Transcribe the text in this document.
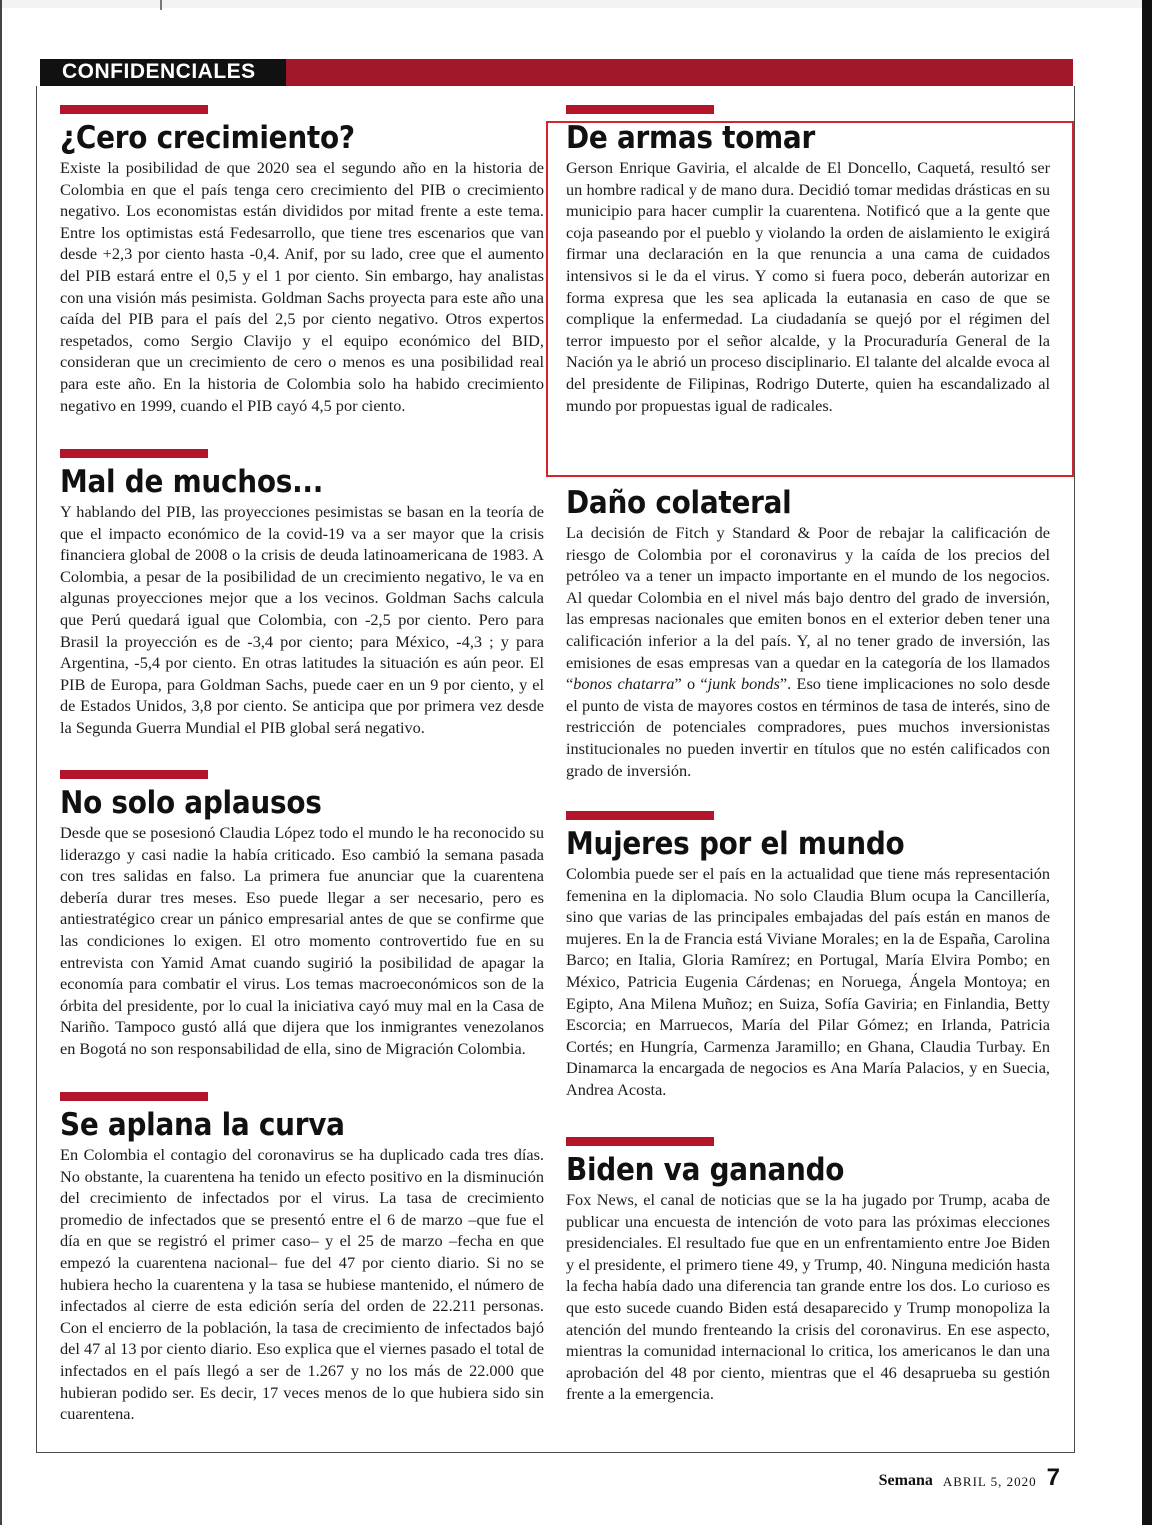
CONFIDENCIALES
¿Cero crecimiento?

Existe la posibilidad de que 2020 sea el segundo año en la historia de Colombia en que el país tenga cero crecimiento del PIB o crecimiento negativo. Los economistas están divididos por mitad frente a este tema. Entre los optimistas está Fedesarrollo, que tiene tres escenarios que van desde +2,3 por ciento hasta -0,4. Anif, por su lado, cree que el aumento del PIB estará entre el 0,5 y el 1 por ciento. Sin embargo, hay analistas con una visión más pesimista. Goldman Sachs proyecta para este año una caída del PIB para el país del 2,5 por ciento negativo. Otros expertos respetados, como Sergio Clavijo y el equipo económico del BID, consideran que un crecimiento de cero o menos es una posibilidad real para este año. En la historia de Colombia solo ha habido crecimiento negativo en 1999, cuando el PIB cayó 4,5 por ciento.

Mal de muchos...

Y hablando del PIB, las proyecciones pesimistas se basan en la teoría de que el impacto económico de la covid-19 va a ser mayor que la crisis financiera global de 2008 o la crisis de deuda latinoamericana de 1983. A Colombia, a pesar de la posibilidad de un crecimiento negativo, le va en algunas proyecciones mejor que a los vecinos. Goldman Sachs calcula que Perú quedará igual que Colombia, con -2,5 por ciento. Pero para Brasil la proyección es de -3,4 por ciento; para México, -4,3 ; y para Argentina, -5,4 por ciento. En otras latitudes la situación es aún peor. El PIB de Europa, para Goldman Sachs, puede caer en un 9 por ciento, y el de Estados Unidos, 3,8 por ciento. Se anticipa que por primera vez desde la Segunda Guerra Mundial el PIB global será negativo.

No solo aplausos

Desde que se posesionó Claudia López todo el mundo le ha reconocido su liderazgo y casi nadie la había criticado. Eso cambió la semana pasada con tres salidas en falso. La primera fue anunciar que la cuarentena debería durar tres meses. Eso puede llegar a ser necesario, pero es antiestratégico crear un pánico empresarial antes de que se confirme que las condiciones lo exigen. El otro momento controvertido fue en su entrevista con Yamid Amat cuando sugirió la posibilidad de apagar la economía para combatir el virus. Los temas macroeconómicos son de la órbita del presidente, por lo cual la iniciativa cayó muy mal en la Casa de Nariño. Tampoco gustó allá que dijera que los inmigrantes venezolanos en Bogotá no son responsabilidad de ella, sino de Migración Colombia.

Se aplana la curva

En Colombia el contagio del coronavirus se ha duplicado cada tres días. No obstante, la cuarentena ha tenido un efecto positivo en la disminución del crecimiento de infectados por el virus. La tasa de crecimiento promedio de infectados que se presentó entre el 6 de marzo –que fue el día en que se registró el primer caso– y el 25 de marzo –fecha en que empezó la cuarentena nacional– fue del 47 por ciento diario. Si no se hubiera hecho la cuarentena y la tasa se hubiese mantenido, el número de infectados al cierre de esta edición sería del orden de 22.211 personas. Con el encierro de la población, la tasa de crecimiento de infectados bajó del 47 al 13 por ciento diario. Eso explica que el viernes pasado el total de infectados en el país llegó a ser de 1.267 y no los más de 22.000 que hubieran podido ser. Es decir, 17 veces menos de lo que hubiera sido sin cuarentena.

De armas tomar

Gerson Enrique Gaviria, el alcalde de El Doncello, Caquetá, resultó ser un hombre radical y de mano dura. Decidió tomar medidas drásticas en su municipio para hacer cumplir la cuarentena. Notificó que a la gente que coja paseando por el pueblo y violando la orden de aislamiento le exigirá firmar una declaración en la que renuncia a una cama de cuidados intensivos si le da el virus. Y como si fuera poco, deberán autorizar en forma expresa que les sea aplicada la eutanasia en caso de que se complique la enfermedad. La ciudadanía se quejó por el régimen del terror impuesto por el señor alcalde, y la Procuraduría General de la Nación ya le abrió un proceso disciplinario. El talante del alcalde evoca al del presidente de Filipinas, Rodrigo Duterte, quien ha escandalizado al mundo por propuestas igual de radicales.

Daño colateral

La decisión de Fitch y Standard & Poor de rebajar la calificación de riesgo de Colombia por el coronavirus y la caída de los precios del petróleo va a tener un impacto importante en el mundo de los negocios. Al quedar Colombia en el nivel más bajo dentro del grado de inversión, las empresas nacionales que emiten bonos en el exterior deben tener una calificación inferior a la del país. Y, al no tener grado de inversión, las emisiones de esas empresas van a quedar en la categoría de los llamados “bonos chatarra” o “junk bonds”. Eso tiene implicaciones no solo desde el punto de vista de mayores costos en términos de tasa de interés, sino de restricción de potenciales compradores, pues muchos inversionistas institucionales no pueden invertir en títulos que no estén calificados con grado de inversión.

Mujeres por el mundo

Colombia puede ser el país en la actualidad que tiene más representación femenina en la diplomacia. No solo Claudia Blum ocupa la Cancillería, sino que varias de las principales embajadas del país están en manos de mujeres. En la de Francia está Viviane Morales; en la de España, Carolina Barco; en Italia, Gloria Ramírez; en Portugal, María Elvira Pombo; en México, Patricia Eugenia Cárdenas; en Noruega, Ángela Montoya; en Egipto, Ana Milena Muñoz; en Suiza, Sofía Gaviria; en Finlandia, Betty Escorcia; en Marruecos, María del Pilar Gómez; en Irlanda, Patricia Cortés; en Hungría, Carmenza Jaramillo; en Ghana, Claudia Turbay. En Dinamarca la encargada de negocios es Ana María Palacios, y en Suecia, Andrea Acosta.

Biden va ganando

Fox News, el canal de noticias que se la ha jugado por Trump, acaba de publicar una encuesta de intención de voto para las próximas elecciones presidenciales. El resultado fue que en un enfrentamiento entre Joe Biden y el presidente, el primero tiene 49, y Trump, 40. Ninguna medición hasta la fecha había dado una diferencia tan grande entre los dos. Lo curioso es que esto sucede cuando Biden está desaparecido y Trump monopoliza la atención del mundo frenteando la crisis del coronavirus. En ese aspecto, mientras la comunidad internacional lo critica, los americanos le dan una aprobación del 48 por ciento, mientras que el 46 desaprueba su gestión frente a la emergencia.

Semana ABRIL 5, 2020 7
